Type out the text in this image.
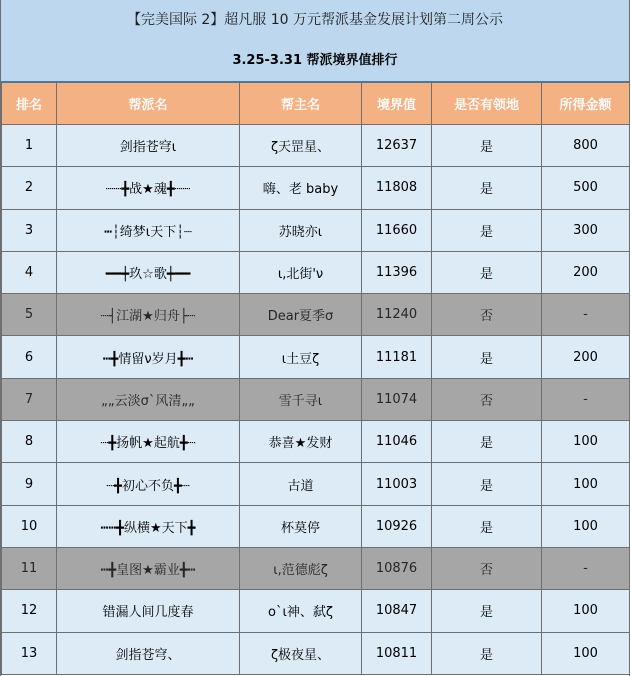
【完美国际 2】超凡服 10 万元帮派基金发展计划第二周公示
3.25-3.31 帮派境界值排行
排名	帮派名	帮主名	境界值	是否有领地	所得金额
1	剑指苍穹ι	ζ天罡星、	12637	是	800
2	┈┈╋战★魂╋┈┈	嗨、老 baby	11808	是	500
3	┅┆绮梦ι天下┆┈	苏晓亦ι	11660	是	300
4	━━┿玖☆歌┿━━	ι,北街'ν	11396	是	200
5	┈┤江湖★归舟├┈	Dear‌夏季σ	11240	否	-
6	┅╋情留ν岁月╋┅	ι土豆ζ	11181	是	200
7	„„云淡σ`风清„„	雪千寻ι	11074	否	-
8	┈╋扬帆★起航╋┈	恭喜★发财	11046	是	100
9	┈╋初心不负╋┈	古道	11003	是	100
10	┅┅╋纵横★天下╋	杯莫停	10926	是	100
11	┅╋皇图★霸业╋┅	ι,范德彪ζ	10876	否	-
12	错漏人间几度春	ο`ι神、弑ζ	10847	是	100
13	剑指苍穹、	ζ极夜星、	10811	是	100
